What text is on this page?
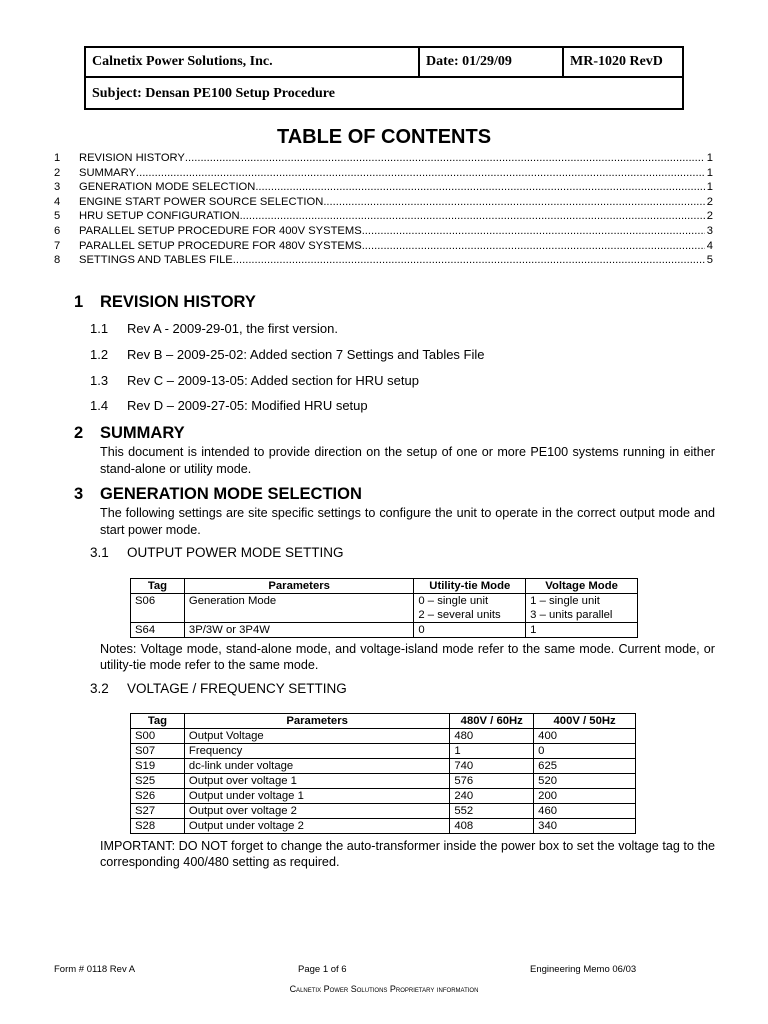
Calnetix Power Solutions, Inc.	Date: 01/29/09	MR-1020 RevD
Subject: Densan PE100 Setup Procedure
TABLE OF CONTENTS
1	REVISION HISTORY .....	1
2	SUMMARY .....	1
3	GENERATION MODE SELECTION .....	1
4	ENGINE START POWER SOURCE SELECTION .....	2
5	HRU SETUP CONFIGURATION .....	2
6	PARALLEL SETUP PROCEDURE FOR 400V SYSTEMS .....	3
7	PARALLEL SETUP PROCEDURE FOR 480V SYSTEMS .....	4
8	SETTINGS AND TABLES FILE .....	5
1 REVISION HISTORY
1.1 Rev A - 2009-29-01, the first version.
1.2 Rev B – 2009-25-02: Added section 7 Settings and Tables File
1.3 Rev C – 2009-13-05: Added section for HRU setup
1.4 Rev D – 2009-27-05: Modified HRU setup
2 SUMMARY
This document is intended to provide direction on the setup of one or more PE100 systems running in either stand-alone or utility mode.
3 GENERATION MODE SELECTION
The following settings are site specific settings to configure the unit to operate in the correct output mode and start power mode.
3.1 OUTPUT POWER MODE SETTING
Tag	Parameters	Utility-tie Mode	Voltage Mode
S06	Generation Mode	0 – single unit	1 – single unit
		2 – several units	3 – units parallel
S64	3P/3W or 3P4W	0	1
Notes: Voltage mode, stand-alone mode, and voltage-island mode refer to the same mode. Current mode, or utility-tie mode refer to the same mode.
3.2 VOLTAGE / FREQUENCY SETTING
Tag	Parameters	480V / 60Hz	400V / 50Hz
S00	Output Voltage	480	400
S07	Frequency	1	0
S19	dc-link under voltage	740	625
S25	Output over voltage 1	576	520
S26	Output under voltage 1	240	200
S27	Output over voltage 2	552	460
S28	Output under voltage 2	408	340
IMPORTANT: DO NOT forget to change the auto-transformer inside the power box to set the voltage tag to the corresponding 400/480 setting as required.
Form # 0118 Rev A	Page 1 of 6	Engineering Memo 06/03
Calnetix Power Solutions Proprietary information
